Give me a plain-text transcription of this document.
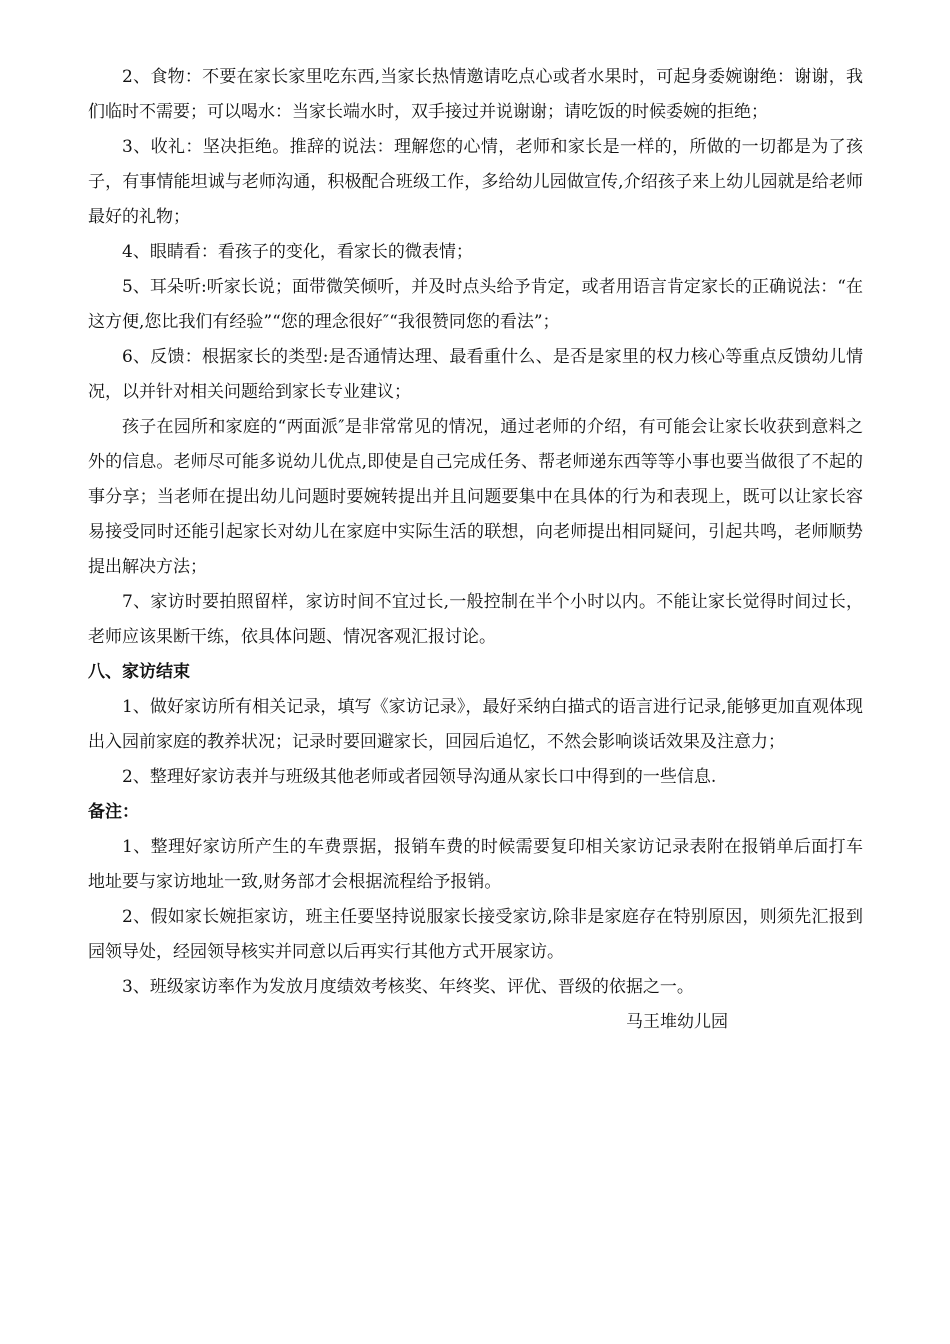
2、食物：不要在家长家里吃东西,当家长热情邀请吃点心或者水果时，可起身委婉谢绝：谢谢，我们临时不需要；可以喝水：当家长端水时，双手接过并说谢谢；请吃饭的时候委婉的拒绝；

3、收礼：坚决拒绝。推辞的说法：理解您的心情，老师和家长是一样的，所做的一切都是为了孩子，有事情能坦诚与老师沟通，积极配合班级工作，多给幼儿园做宣传,介绍孩子来上幼儿园就是给老师最好的礼物；

4、眼睛看：看孩子的变化，看家长的微表情；

5、耳朵听:听家长说；面带微笑倾听，并及时点头给予肯定，或者用语言肯定家长的正确说法：“在这方便,您比我们有经验”“您的理念很好″“我很赞同您的看法”；

6、反馈：根据家长的类型:是否通情达理、最看重什么、是否是家里的权力核心等重点反馈幼儿情况，以并针对相关问题给到家长专业建议；

孩子在园所和家庭的“两面派″是非常常见的情况，通过老师的介绍，有可能会让家长收获到意料之外的信息。老师尽可能多说幼儿优点,即使是自己完成任务、帮老师递东西等等小事也要当做很了不起的事分享；当老师在提出幼儿问题时要婉转提出并且问题要集中在具体的行为和表现上，既可以让家长容易接受同时还能引起家长对幼儿在家庭中实际生活的联想，向老师提出相同疑问，引起共鸣，老师顺势提出解决方法；

7、家访时要拍照留样，家访时间不宜过长,一般控制在半个小时以内。不能让家长觉得时间过长，老师应该果断干练，依具体问题、情况客观汇报讨论。

八、家访结束

1、做好家访所有相关记录，填写《家访记录》，最好采纳白描式的语言进行记录,能够更加直观体现出入园前家庭的教养状况；记录时要回避家长，回园后追忆，不然会影响谈话效果及注意力；

2、整理好家访表并与班级其他老师或者园领导沟通从家长口中得到的一些信息.

备注：

1、整理好家访所产生的车费票据，报销车费的时候需要复印相关家访记录表附在报销单后面打车地址要与家访地址一致,财务部才会根据流程给予报销。

2、假如家长婉拒家访，班主任要坚持说服家长接受家访,除非是家庭存在特别原因，则须先汇报到园领导处，经园领导核实并同意以后再实行其他方式开展家访。

3、班级家访率作为发放月度绩效考核奖、年终奖、评优、晋级的依据之一。

马王堆幼儿园
